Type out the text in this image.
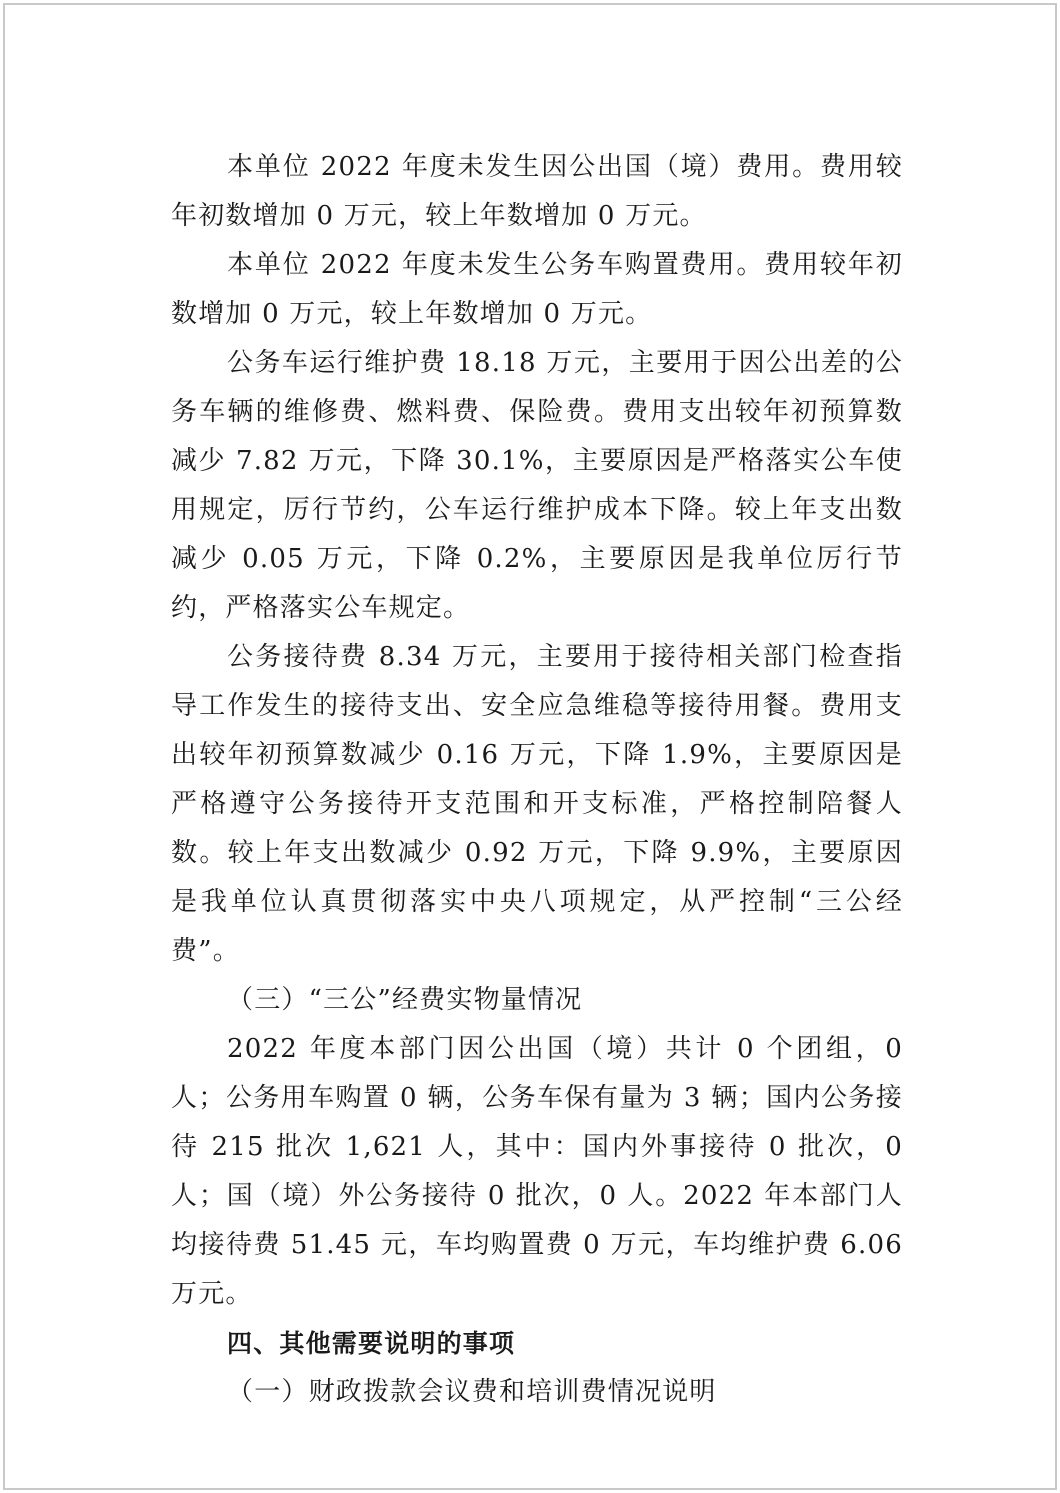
本单位 2022 年度未发生因公出国（境）费用。费用较年初数增加 0 万元，较上年数增加 0 万元。

本单位 2022 年度未发生公务车购置费用。费用较年初数增加 0 万元，较上年数增加 0 万元。

公务车运行维护费 18.18 万元，主要用于因公出差的公务车辆的维修费、燃料费、保险费。费用支出较年初预算数减少 7.82 万元，下降 30.1%，主要原因是严格落实公车使用规定，厉行节约，公车运行维护成本下降。较上年支出数减少 0.05 万元，下降 0.2%，主要原因是我单位厉行节约，严格落实公车规定。

公务接待费 8.34 万元，主要用于接待相关部门检查指导工作发生的接待支出、安全应急维稳等接待用餐。费用支出较年初预算数减少 0.16 万元，下降 1.9%，主要原因是严格遵守公务接待开支范围和开支标准，严格控制陪餐人数。较上年支出数减少 0.92 万元，下降 9.9%，主要原因是我单位认真贯彻落实中央八项规定，从严控制“三公经费”。

（三）“三公”经费实物量情况

2022 年度本部门因公出国（境）共计 0 个团组，0 人；公务用车购置 0 辆，公务车保有量为 3 辆；国内公务接待 215 批次 1,621 人，其中：国内外事接待 0 批次，0 人；国（境）外公务接待 0 批次，0 人。2022 年本部门人均接待费 51.45 元，车均购置费 0 万元，车均维护费 6.06 万元。

四、其他需要说明的事项

（一）财政拨款会议费和培训费情况说明
